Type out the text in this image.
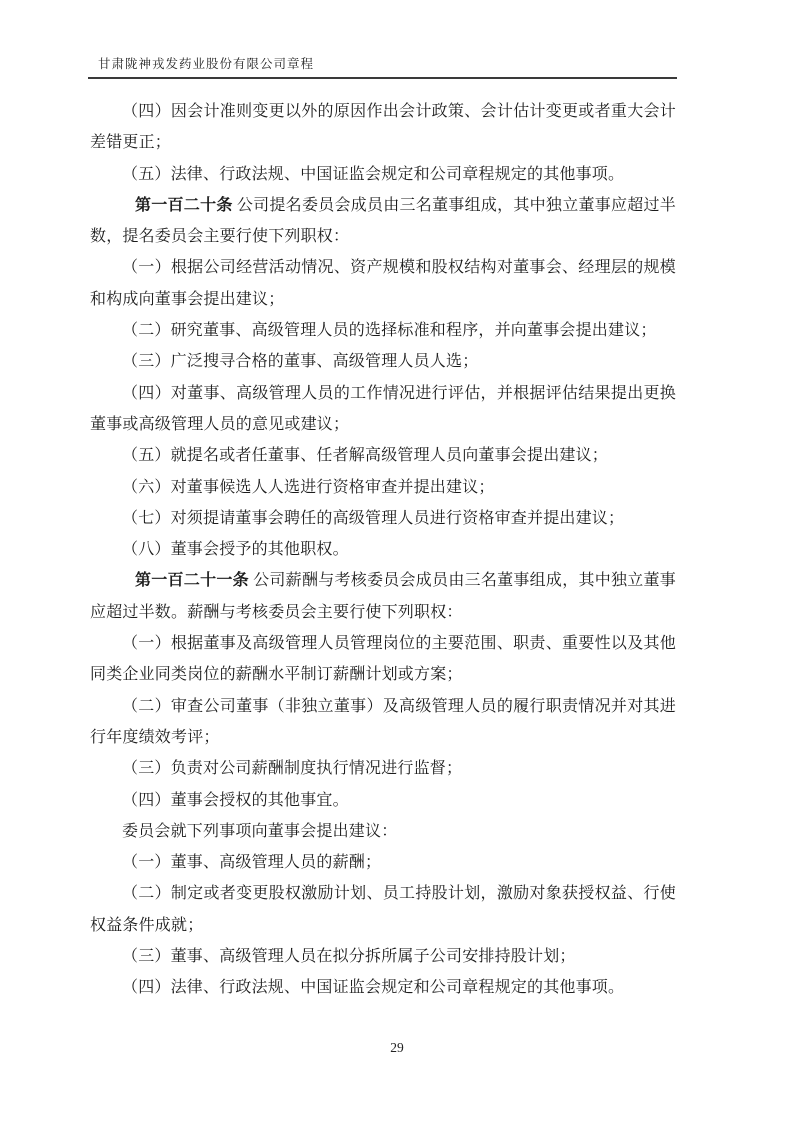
甘肃陇神戎发药业股份有限公司章程

（四）因会计准则变更以外的原因作出会计政策、会计估计变更或者重大会计差错更正；

（五）法律、行政法规、中国证监会规定和公司章程规定的其他事项。

第一百二十条 公司提名委员会成员由三名董事组成，其中独立董事应超过半数，提名委员会主要行使下列职权：

（一）根据公司经营活动情况、资产规模和股权结构对董事会、经理层的规模和构成向董事会提出建议；

（二）研究董事、高级管理人员的选择标准和程序，并向董事会提出建议；

（三）广泛搜寻合格的董事、高级管理人员人选；

（四）对董事、高级管理人员的工作情况进行评估，并根据评估结果提出更换董事或高级管理人员的意见或建议；

（五）就提名或者任董事、任者解高级管理人员向董事会提出建议；

（六）对董事候选人人选进行资格审查并提出建议；

（七）对须提请董事会聘任的高级管理人员进行资格审查并提出建议；

（八）董事会授予的其他职权。

第一百二十一条 公司薪酬与考核委员会成员由三名董事组成，其中独立董事应超过半数。薪酬与考核委员会主要行使下列职权：

（一）根据董事及高级管理人员管理岗位的主要范围、职责、重要性以及其他同类企业同类岗位的薪酬水平制订薪酬计划或方案；

（二）审查公司董事（非独立董事）及高级管理人员的履行职责情况并对其进行年度绩效考评；

（三）负责对公司薪酬制度执行情况进行监督；

（四）董事会授权的其他事宜。

委员会就下列事项向董事会提出建议：

（一）董事、高级管理人员的薪酬；

（二）制定或者变更股权激励计划、员工持股计划，激励对象获授权益、行使权益条件成就；

（三）董事、高级管理人员在拟分拆所属子公司安排持股计划；

（四）法律、行政法规、中国证监会规定和公司章程规定的其他事项。

29
